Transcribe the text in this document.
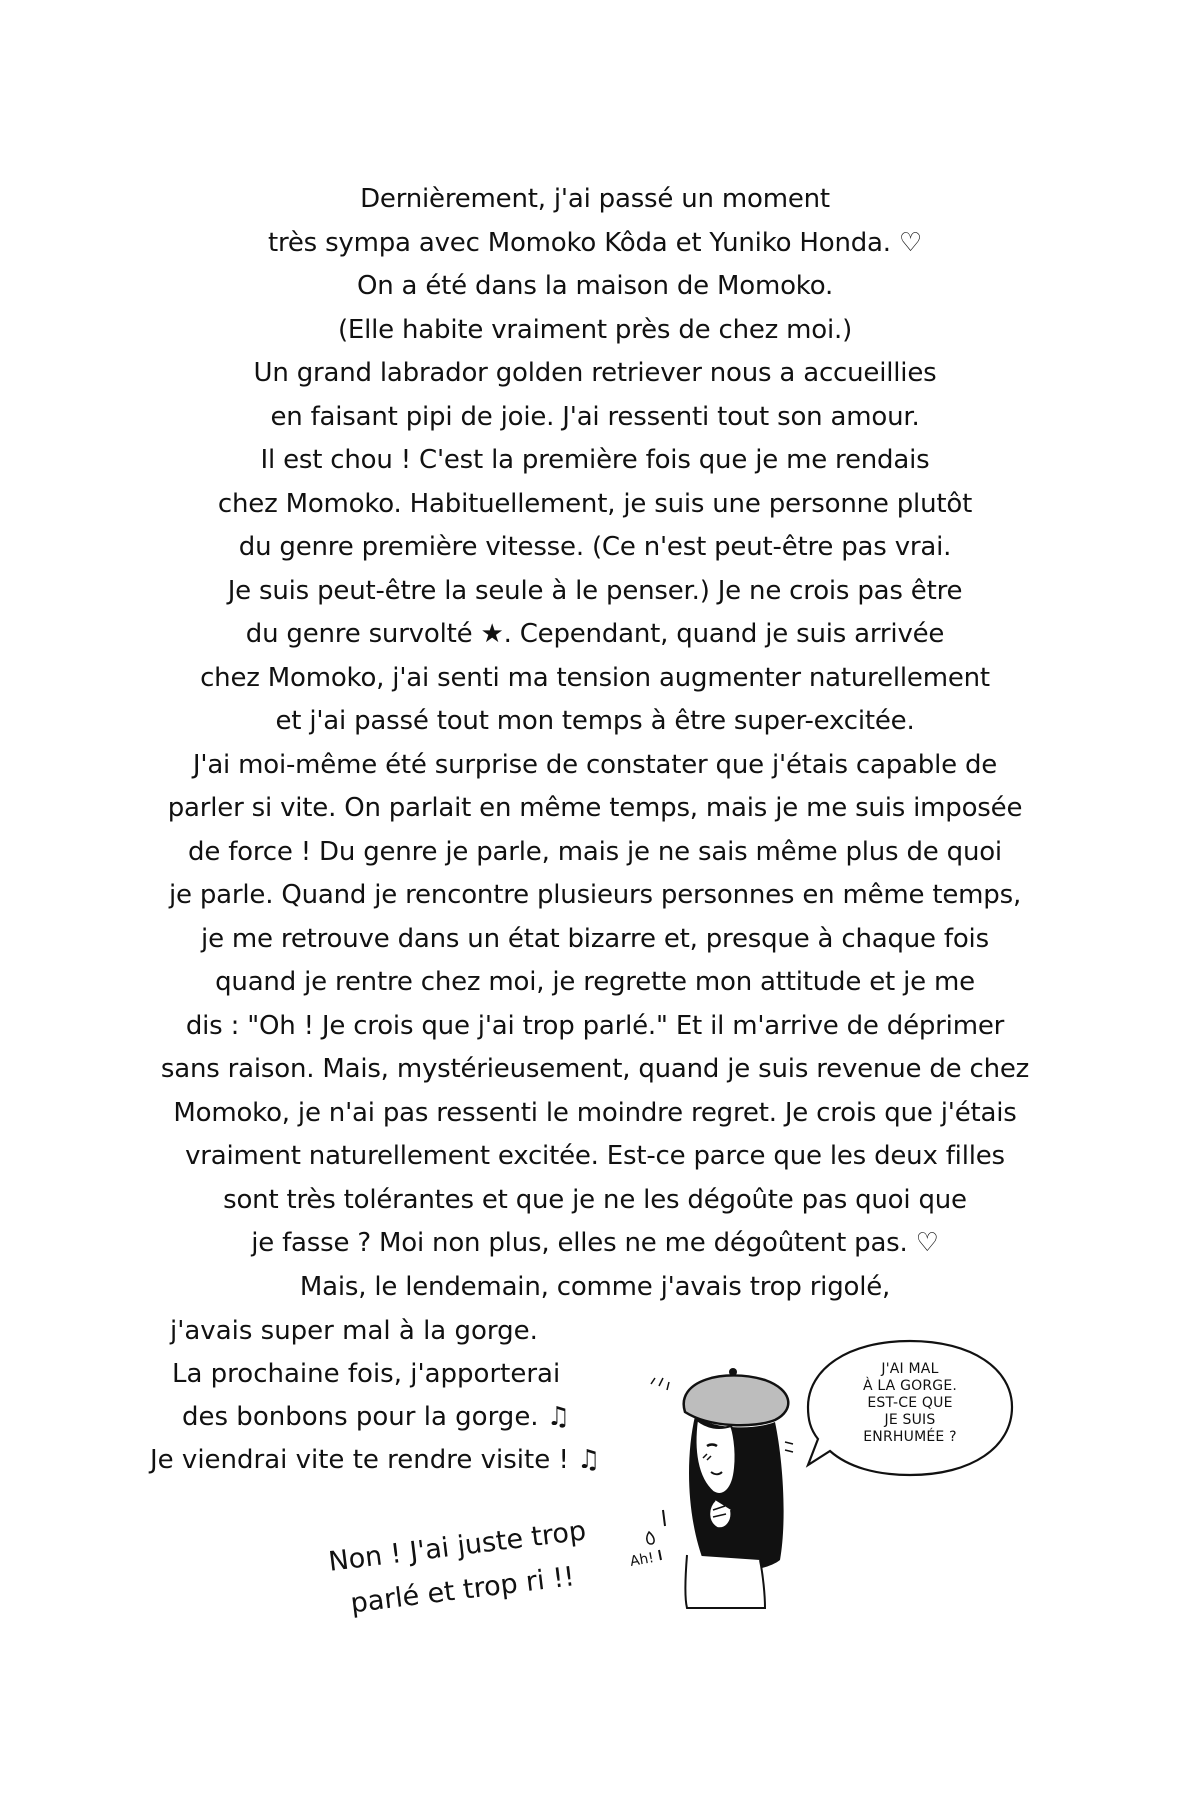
Dernièrement, j'ai passé un moment
très sympa avec Momoko Kôda et Yuniko Honda. ♡
On a été dans la maison de Momoko.
(Elle habite vraiment près de chez moi.)
Un grand labrador golden retriever nous a accueillies
en faisant pipi de joie. J'ai ressenti tout son amour.
Il est chou ! C'est la première fois que je me rendais
chez Momoko. Habituellement, je suis une personne plutôt
du genre première vitesse. (Ce n'est peut-être pas vrai.
Je suis peut-être la seule à le penser.) Je ne crois pas être
du genre survolté ★. Cependant, quand je suis arrivée
chez Momoko, j'ai senti ma tension augmenter naturellement
et j'ai passé tout mon temps à être super-excitée.
J'ai moi-même été surprise de constater que j'étais capable de
parler si vite. On parlait en même temps, mais je me suis imposée
de force ! Du genre je parle, mais je ne sais même plus de quoi
je parle. Quand je rencontre plusieurs personnes en même temps,
je me retrouve dans un état bizarre et, presque à chaque fois
quand je rentre chez moi, je regrette mon attitude et je me
dis : "Oh ! Je crois que j'ai trop parlé." Et il m'arrive de déprimer
sans raison. Mais, mystérieusement, quand je suis revenue de chez
Momoko, je n'ai pas ressenti le moindre regret. Je crois que j'étais
vraiment naturellement excitée. Est-ce parce que les deux filles
sont très tolérantes et que je ne les dégoûte pas quoi que
je fasse ? Moi non plus, elles ne me dégoûtent pas. ♡
Mais, le lendemain, comme j'avais trop rigolé,
j'avais super mal à la gorge.
La prochaine fois, j'apporterai
des bonbons pour la gorge. ♫
Je viendrai vite te rendre visite ! ♫
Ah!
J'AI MAL
À LA GORGE.
EST-CE QUE
JE SUIS
ENRHUMÉE ?
Non ! J'ai juste trop
parlé et trop ri !!
